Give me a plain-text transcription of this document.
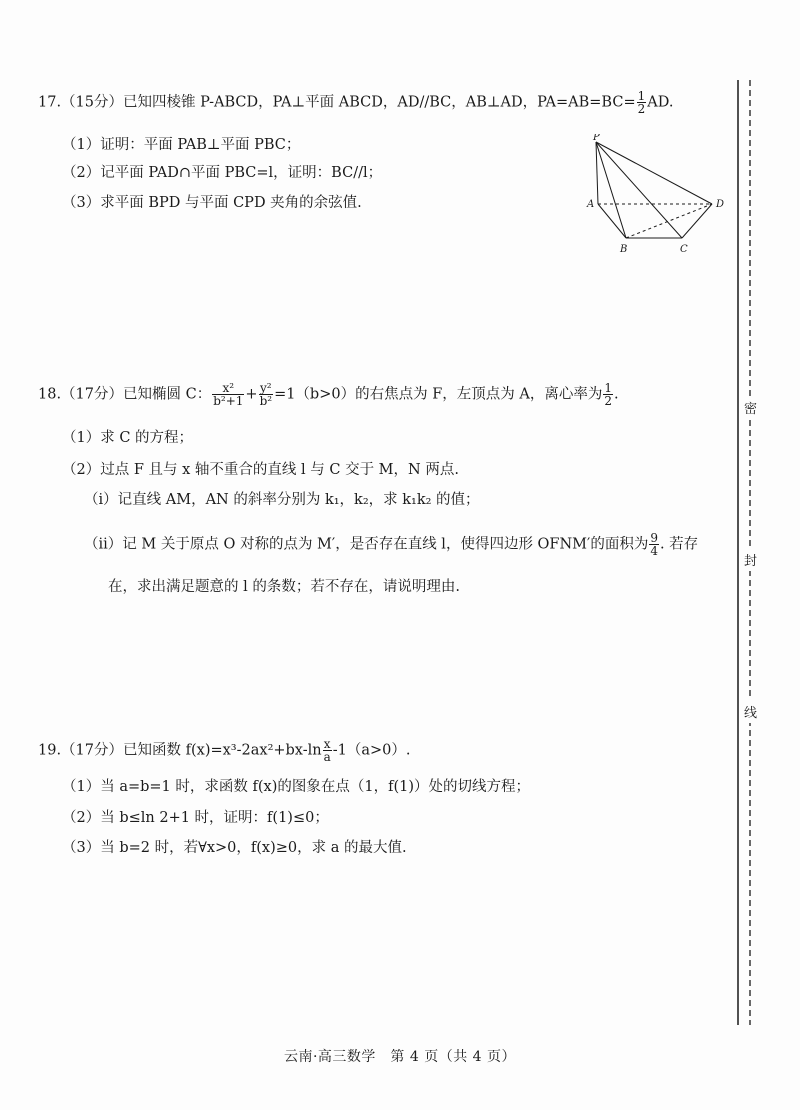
17.（15分）已知四棱锥 P-ABCD，PA⊥平面 ABCD，AD//BC，AB⊥AD，$PA=AB=BC= \frac{1}{2}$ AD.
（1）证明：平面 PAB⊥平面 PBC；
（2）记平面 PAD∩平面 PBC=l，证明：BC//l；
（3）求平面 BPD 与平面 CPD 夹角的余弦值.
P
A
B	C
D
18.（17分）已知椭圆 C： $\frac{\text{x²}}{\text{b²+1}} + \frac{\text{y²}}{\text{b²}} =1(b>0)$的右焦点为 F，左顶点为 A，离心率为 $\frac{1}{2}$ .
（1）求 C 的方程；
（2）过点 F 且与 x 轴不重合的直线 l 与 C 交于 M，N 两点.
（i）记直线 AM，AN 的斜率分别为 k₁，k₂，求 k₁k₂ 的值；
（ii）记 M 关于原点 O 对称的点为 M′，是否存在直线 l，使得四边形 OFNM′的面积为 $\frac{9}{4}$ . 若存
在，求出满足题意的 l 的条数；若不存在，请说明理由.
19.（17分）已知函数 $f(x)=x^3-2ax^2+bx-\ln \frac{x}{a} -1(a>0)$.
（1）当 a=b=1 时，求函数 f(x)的图象在点（1，f(1)）处的切线方程；
（2）当 b≤ln 2+1 时，证明：f(1)≤0；
（3）当 b=2 时，若∀x>0，f(x)≥0，求 a 的最大值.
密
封
线
云南·高三数学　第 4 页（共 4 页）
